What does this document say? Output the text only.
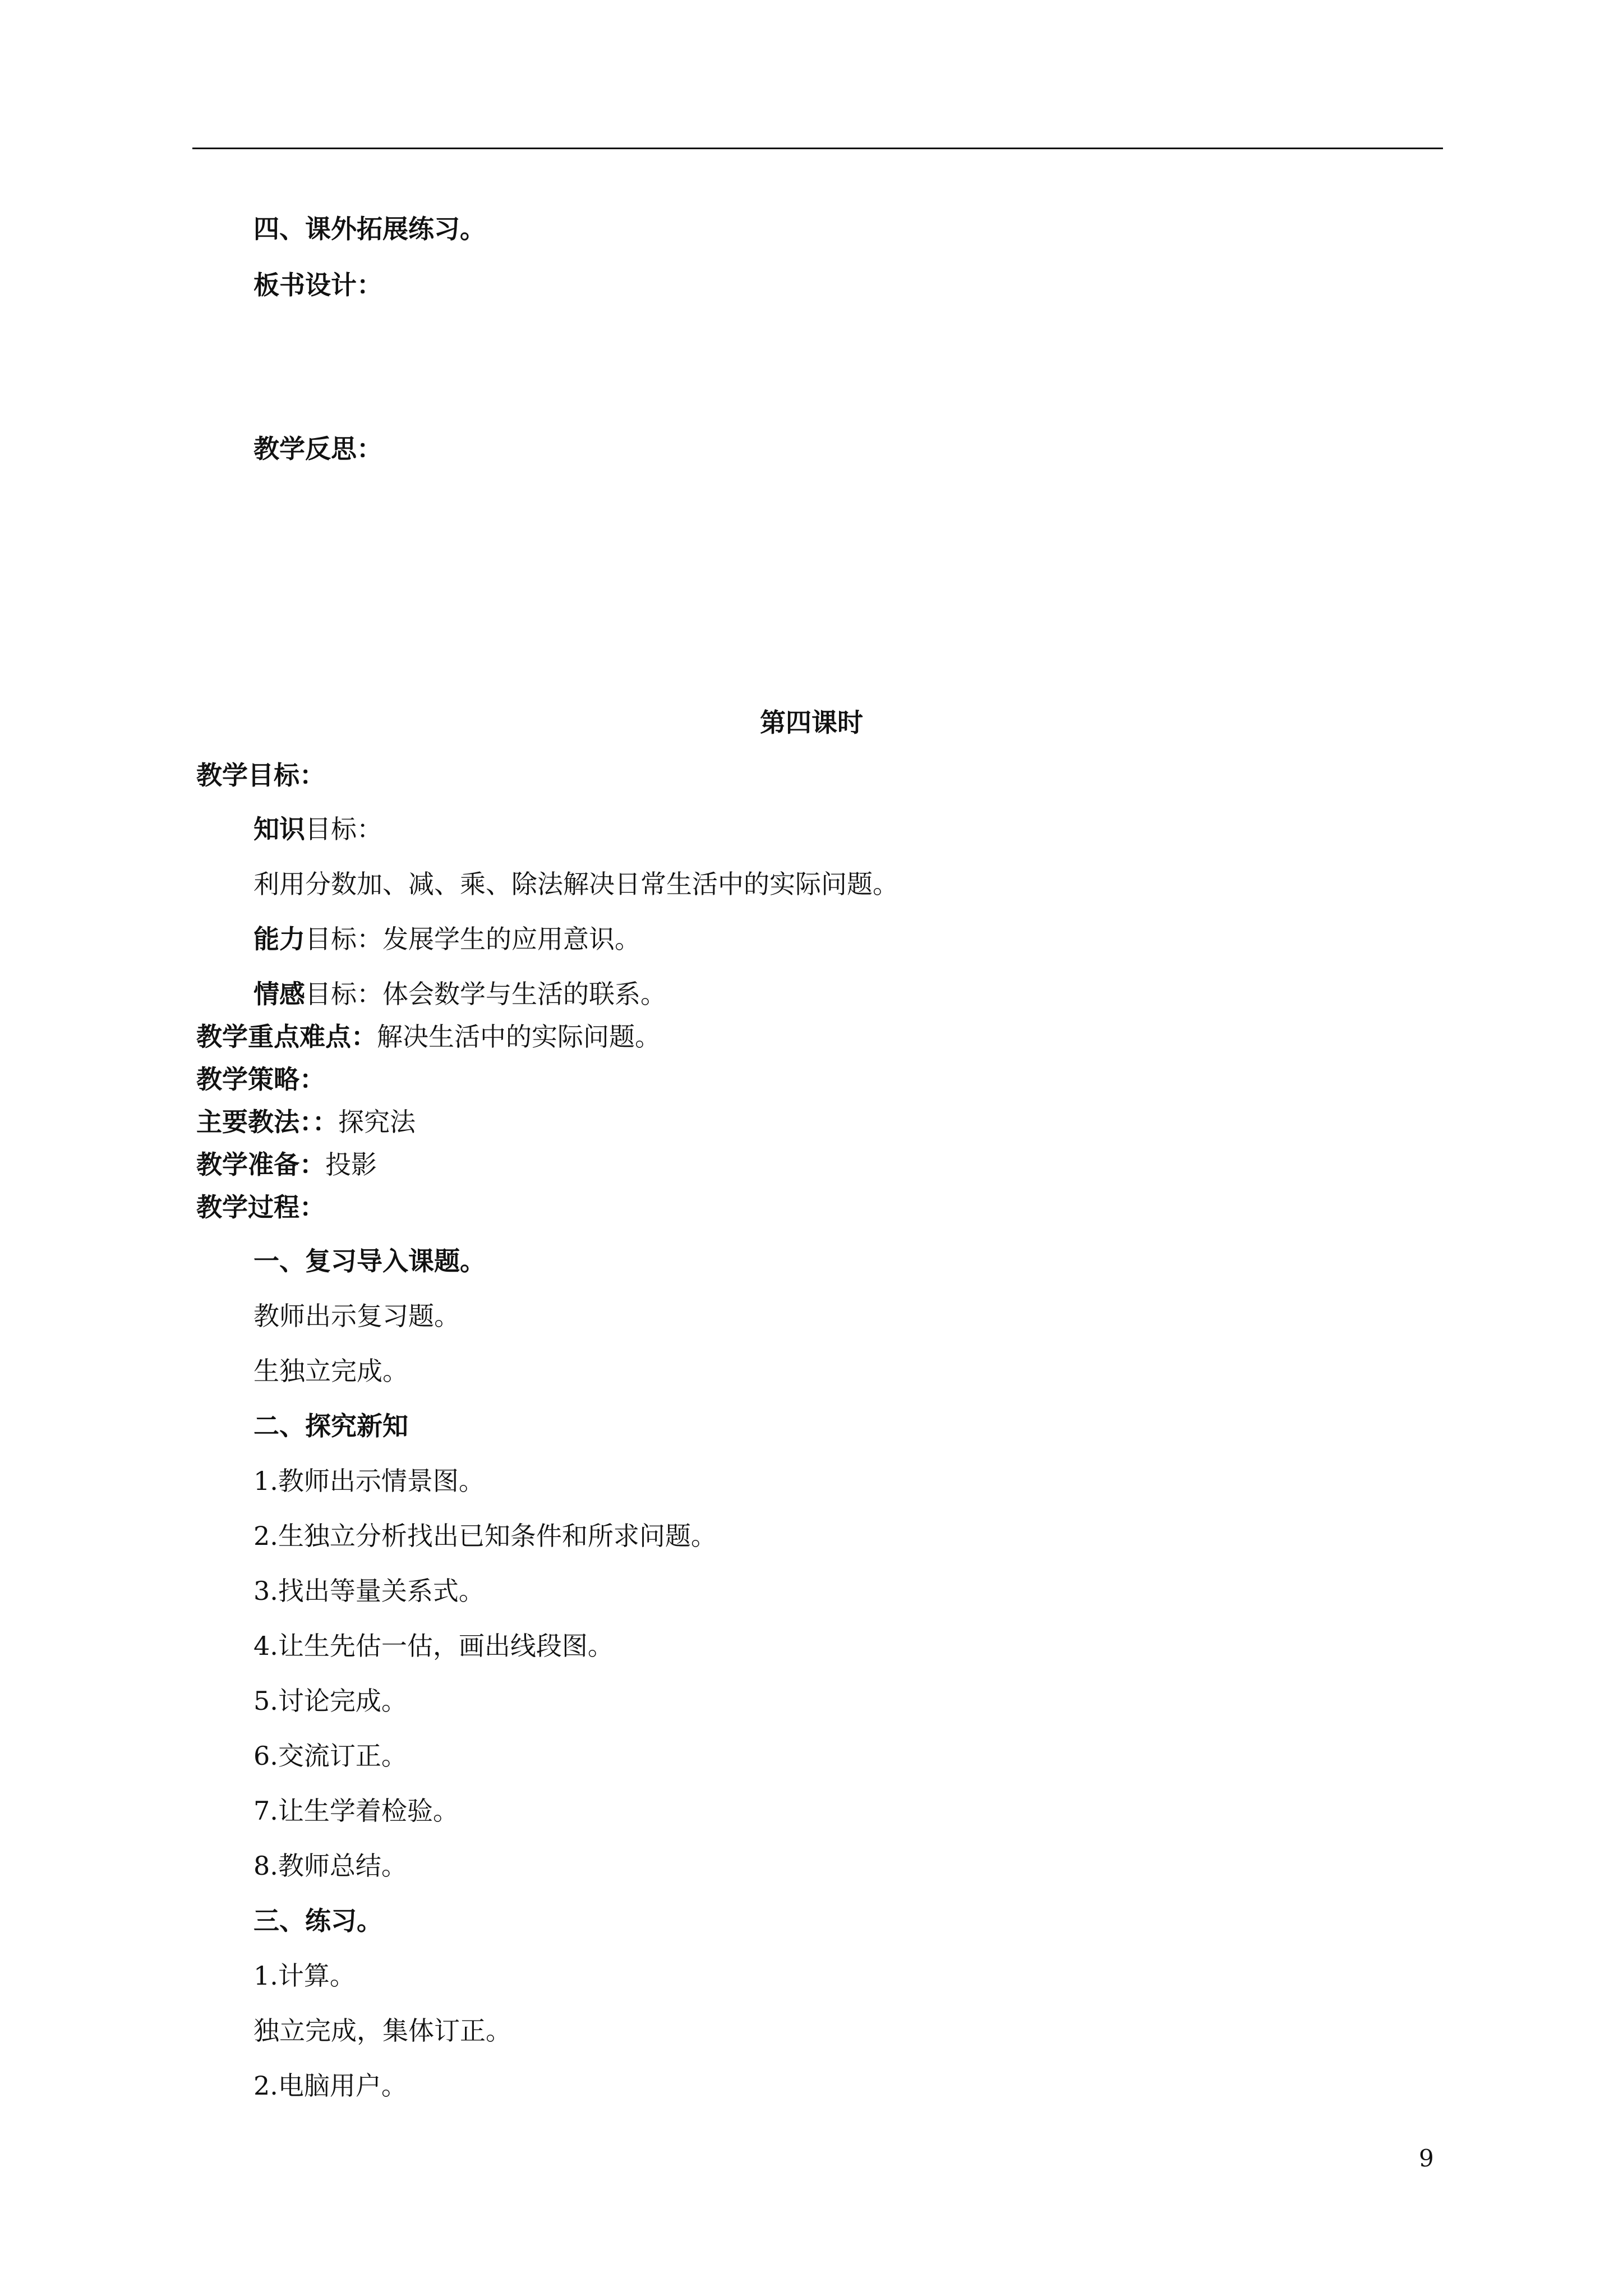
四、课外拓展练习。
板书设计：
教学反思：
第四课时
教学目标：
知识目标：
利用分数加、减、乘、除法解决日常生活中的实际问题。
能力目标：发展学生的应用意识。
情感目标：体会数学与生活的联系。
教学重点难点：解决生活中的实际问题。
教学策略：
主要教法：：探究法
教学准备：投影
教学过程：
一、复习导入课题。
教师出示复习题。
生独立完成。
二、探究新知
1.教师出示情景图。
2.生独立分析找出已知条件和所求问题。
3.找出等量关系式。
4.让生先估一估，画出线段图。
5.讨论完成。
6.交流订正。
7.让生学着检验。
8.教师总结。
三、练习。
1.计算。
独立完成，集体订正。
2.电脑用户。
9
